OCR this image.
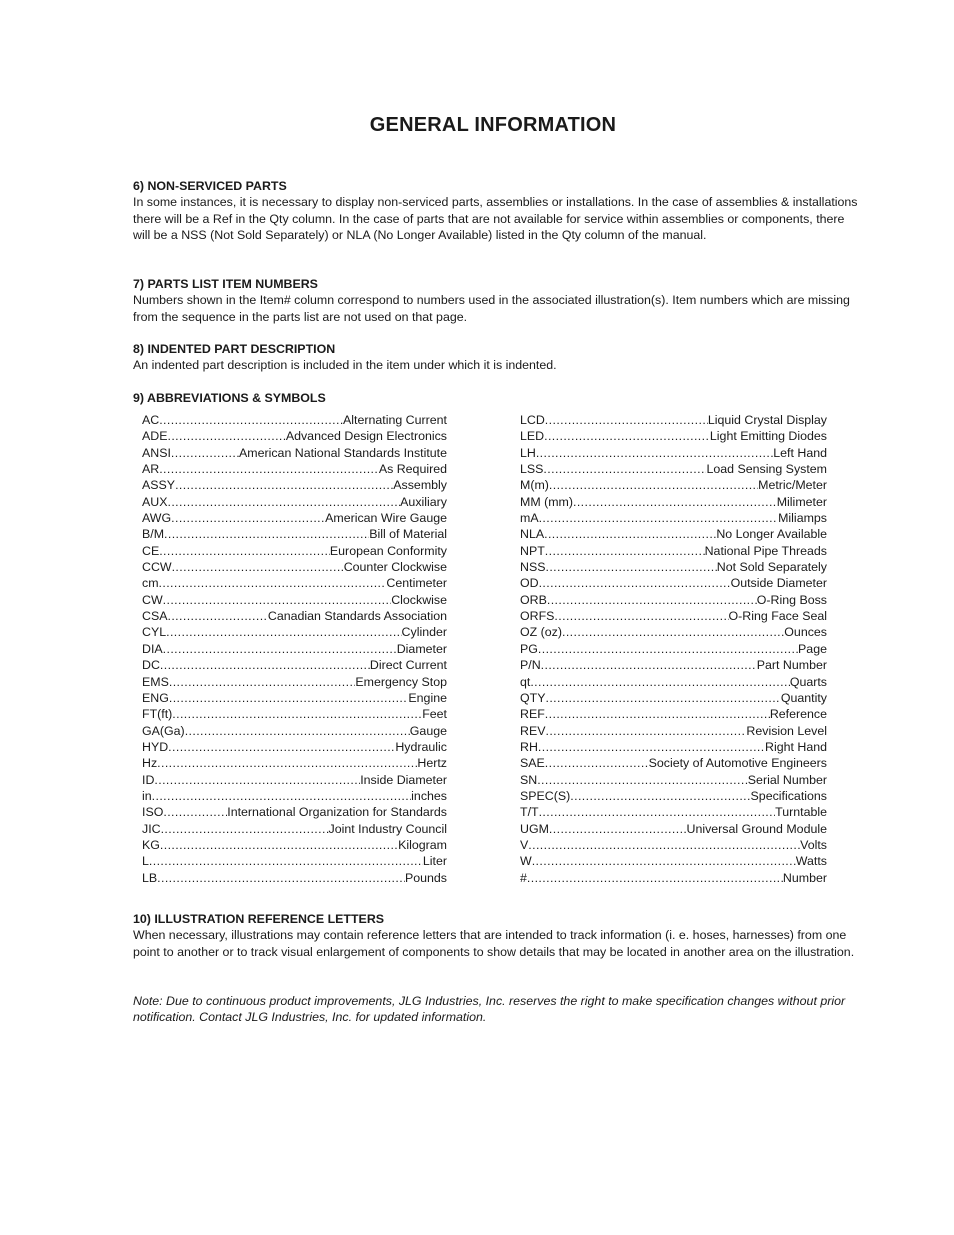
GENERAL INFORMATION
6) NON-SERVICED PARTS

In some instances, it is necessary to display non-serviced parts, assemblies or installations. In the case of assemblies & installations there will be a Ref in the Qty column. In the case of parts that are not available for service within assemblies or components, there will be a NSS (Not Sold Separately) or NLA (No Longer Available) listed in the Qty column of the manual.

7) PARTS LIST ITEM NUMBERS

Numbers shown in the Item# column correspond to numbers used in the associated illustration(s). Item numbers which are missing from the sequence in the parts list are not used on that page.

8) INDENTED PART DESCRIPTION

An indented part description is included in the item under which it is indented.

9) ABBREVIATIONS & SYMBOLS
AC .....	Alternating Current
ADE .....	Advanced Design Electronics
ANSI .....	American National Standards Institute
AR .....	As Required
ASSY .....	Assembly
AUX .....	Auxiliary
AWG .....	American Wire Gauge
B/M .....	Bill of Material
CE .....	European Conformity
CCW .....	Counter Clockwise
cm .....	Centimeter
CW .....	Clockwise
CSA .....	Canadian Standards Association
CYL .....	Cylinder
DIA .....	Diameter
DC .....	Direct Current
EMS .....	Emergency Stop
ENG .....	Engine
FT(ft) .....	Feet
GA(Ga) .....	Gauge
HYD .....	Hydraulic
Hz .....	Hertz
ID .....	Inside Diameter
in .....	inches
ISO .....	International Organization for Standards
JIC .....	Joint Industry Council
KG .....	Kilogram
L .....	Liter
LB .....	Pounds
LCD .....	Liquid Crystal Display
LED .....	Light Emitting Diodes
LH .....	Left Hand
LSS .....	Load Sensing System
M(m) .....	Metric/Meter
MM (mm) .....	Milimeter
mA .....	Miliamps
NLA .....	No Longer Available
NPT .....	National Pipe Threads
NSS .....	Not Sold Separately
OD .....	Outside Diameter
ORB .....	O-Ring Boss
ORFS .....	O-Ring Face Seal
OZ (oz) .....	Ounces
PG .....	Page
P/N .....	Part Number
qt .....	Quarts
QTY .....	Quantity
REF .....	Reference
REV .....	Revision Level
RH .....	Right Hand
SAE .....	Society of Automotive Engineers
SN .....	Serial Number
SPEC(S) .....	Specifications
T/T .....	Turntable
UGM .....	Universal Ground Module
V .....	Volts
W .....	Watts
# .....	Number
10) ILLUSTRATION REFERENCE LETTERS

When necessary, illustrations may contain reference letters that are intended to track information (i. e. hoses, harnesses) from one point to another or to track visual enlargement of components to show details that may be located in another area on the illustration.

Note: Due to continuous product improvements, JLG Industries, Inc. reserves the right to make specification changes without prior notification. Contact JLG Industries, Inc. for updated information.
